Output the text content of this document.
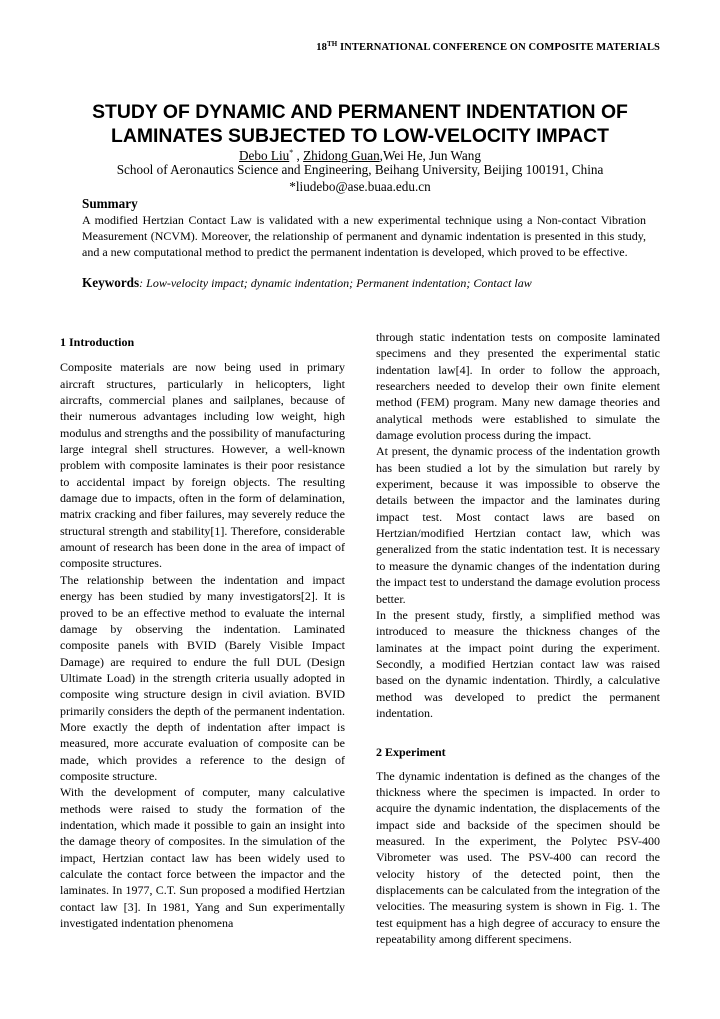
18TH INTERNATIONAL CONFERENCE ON COMPOSITE MATERIALS
STUDY OF DYNAMIC AND PERMANENT INDENTATION OF
LAMINATES SUBJECTED TO LOW-VELOCITY IMPACT
Debo Liu* , Zhidong Guan,Wei He, Jun Wang
School of Aeronautics Science and Engineering, Beihang University, Beijing 100191, China
*liudebo@ase.buaa.edu.cn
Summary
A modified Hertzian Contact Law is validated with a new experimental technique using a Non-contact Vibration Measurement (NCVM). Moreover, the relationship of permanent and dynamic indentation is presented in this study, and a new computational method to predict the permanent indentation is developed, which proved to be effective.
Keywords: Low-velocity impact; dynamic indentation; Permanent indentation; Contact law

1 Introduction

Composite materials are now being used in primary aircraft structures, particularly in helicopters, light aircrafts, commercial planes and sailplanes, because of their numerous advantages including low weight, high modulus and strengths and the possibility of manufacturing large integral shell structures. However, a well-known problem with composite laminates is their poor resistance to accidental impact by foreign objects. The resulting damage due to impacts, often in the form of delamination, matrix cracking and fiber failures, may severely reduce the structural strength and stability[1]. Therefore, considerable amount of research has been done in the area of impact of composite structures.

The relationship between the indentation and impact energy has been studied by many investigators[2]. It is proved to be an effective method to evaluate the internal damage by observing the indentation. Laminated composite panels with BVID (Barely Visible Impact Damage) are required to endure the full DUL (Design Ultimate Load) in the strength criteria usually adopted in composite wing structure design in civil aviation. BVID primarily considers the depth of the permanent indentation. More exactly the depth of indentation after impact is measured, more accurate evaluation of composite can be made, which provides a reference to the design of composite structure.

With the development of computer, many calculative methods were raised to study the formation of the indentation, which made it possible to gain an insight into the damage theory of composites. In the simulation of the impact, Hertzian contact law has been widely used to calculate the contact force between the impactor and the laminates. In 1977, C.T. Sun proposed a modified Hertzian contact law [3]. In 1981, Yang and Sun experimentally investigated indentation phenomena

through static indentation tests on composite laminated specimens and they presented the experimental static indentation law[4]. In order to follow the approach, researchers needed to develop their own finite element method (FEM) program. Many new damage theories and analytical methods were established to simulate the damage evolution process during the impact.

At present, the dynamic process of the indentation growth has been studied a lot by the simulation but rarely by experiment, because it was impossible to observe the details between the impactor and the laminates during impact test. Most contact laws are based on Hertzian/modified Hertzian contact law, which was generalized from the static indentation test. It is necessary to measure the dynamic changes of the indentation during the impact test to understand the damage evolution process better.

In the present study, firstly, a simplified method was introduced to measure the thickness changes of the laminates at the impact point during the experiment. Secondly, a modified Hertzian contact law was raised based on the dynamic indentation. Thirdly, a calculative method was developed to predict the permanent indentation.

2 Experiment

The dynamic indentation is defined as the changes of the thickness where the specimen is impacted. In order to acquire the dynamic indentation, the displacements of the impact side and backside of the specimen should be measured. In the experiment, the Polytec PSV-400 Vibrometer was used. The PSV-400 can record the velocity history of the detected point, then the displacements can be calculated from the integration of the velocities. The measuring system is shown in Fig. 1. The test equipment has a high degree of accuracy to ensure the repeatability among different specimens.
